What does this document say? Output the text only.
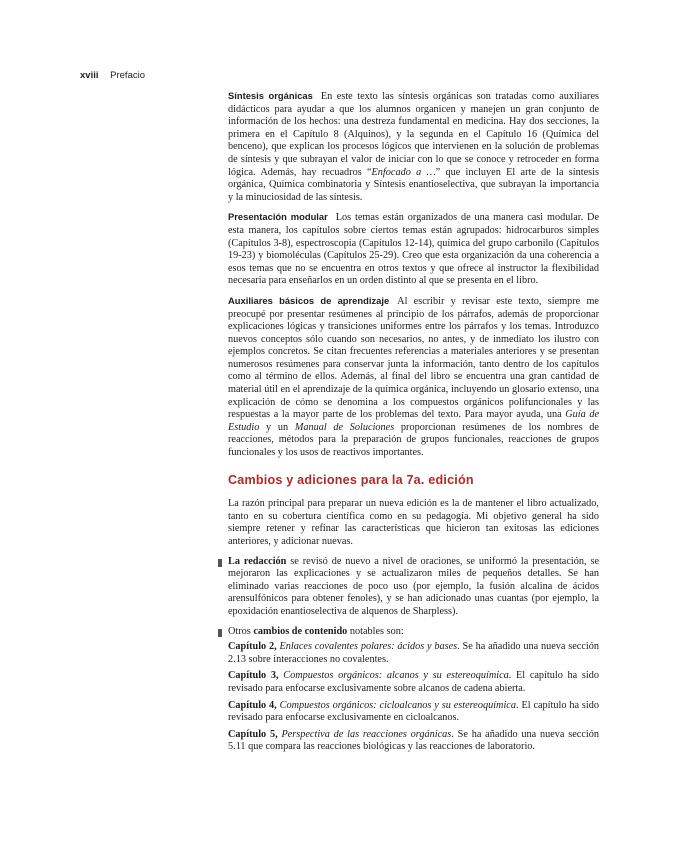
xviii Prefacio

Síntesis orgánicas En este texto las síntesis orgánicas son tratadas como auxiliares didácticos para ayudar a que los alumnos organicen y manejen un gran conjunto de información de los hechos: una destreza fundamental en medicina. Hay dos secciones, la primera en el Capítulo 8 (Alquinos), y la segunda en el Capítulo 16 (Química del benceno), que explican los procesos lógicos que intervienen en la solución de problemas de síntesis y que subrayan el valor de iniciar con lo que se conoce y retroceder en forma lógica. Además, hay recuadros “Enfocado a …” que incluyen El arte de la síntesis orgánica, Química combinatoria y Síntesis enantioselectiva, que subrayan la importancia y la minuciosidad de las síntesis.

Presentación modular Los temas están organizados de una manera casi modular. De esta manera, los capítulos sobre ciertos temas están agrupados: hidrocarburos simples (Capítulos 3-8), espectroscopia (Capítulos 12-14), química del grupo carbonilo (Capítulos 19-23) y biomoléculas (Capítulos 25-29). Creo que esta organización da una coherencia a esos temas que no se encuentra en otros textos y que ofrece al instructor la flexibilidad necesaria para enseñarlos en un orden distinto al que se presenta en el libro.

Auxiliares básicos de aprendizaje Al escribir y revisar este texto, siempre me preocupé por presentar resúmenes al principio de los párrafos, además de proporcionar explicaciones lógicas y transiciones uniformes entre los párrafos y los temas. Introduzco nuevos conceptos sólo cuando son necesarios, no antes, y de inmediato los ilustro con ejemplos concretos. Se citan frecuentes referencias a materiales anteriores y se presentan numerosos resúmenes para conservar junta la información, tanto dentro de los capítulos como al término de ellos. Además, al final del libro se encuentra una gran cantidad de material útil en el aprendizaje de la química orgánica, incluyendo un glosario extenso, una explicación de cómo se denomina a los compuestos orgánicos polifuncionales y las respuestas a la mayor parte de los problemas del texto. Para mayor ayuda, una Guía de Estudio y un Manual de Soluciones proporcionan resúmenes de los nombres de reacciones, métodos para la preparación de grupos funcionales, reacciones de grupos funcionales y los usos de reactivos importantes.

Cambios y adiciones para la 7a. edición

La razón principal para preparar un nueva edición es la de mantener el libro actualizado, tanto en su cobertura científica como en su pedagogía. Mi objetivo general ha sido siempre retener y refinar las características que hicieron tan exitosas las ediciones anteriores, y adicionar nuevas.

La redacción se revisó de nuevo a nivel de oraciones, se uniformó la presentación, se mejoraron las explicaciones y se actualizaron miles de pequeños detalles. Se han eliminado varias reacciones de poco uso (por ejemplo, la fusión alcalina de ácidos arensulfónicos para obtener fenoles), y se han adicionado unas cuantas (por ejemplo, la epoxidación enantioselectiva de alquenos de Sharpless).
Otros cambios de contenido notables son:
Capítulo 2, Enlaces covalentes polares: ácidos y bases. Se ha añadido una nueva sección 2.13 sobre interacciones no covalentes.
Capítulo 3, Compuestos orgánicos: alcanos y su estereoquímica. El capítulo ha sido revisado para enfocarse exclusivamente sobre alcanos de cadena abierta.
Capítulo 4, Compuestos orgánicos: cicloalcanos y su estereoquímica. El capítulo ha sido revisado para enfocarse exclusivamente en cicloalcanos.
Capítulo 5, Perspectiva de las reacciones orgánicas. Se ha añadido una nueva sección 5.11 que compara las reacciones biológicas y las reacciones de laboratorio.
